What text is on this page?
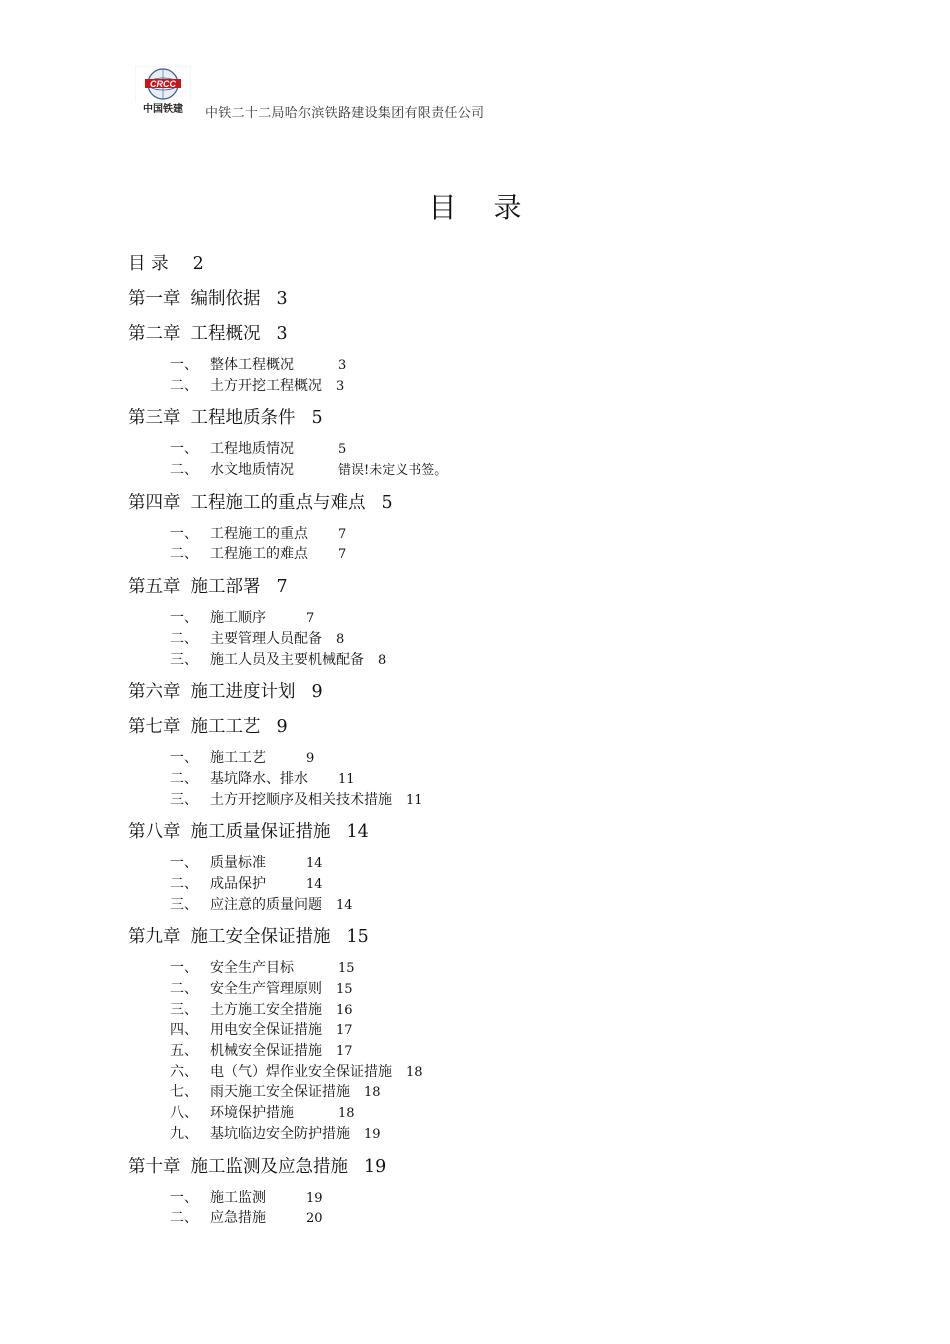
CRCC
中国铁建 中铁二十二局哈尔滨铁路建设集团有限责任公司
目 录
目 录 2
第一章 编制依据 3
第二章 工程概况 3
一、 整体工程概况	3
二、 土方开挖工程概况 3
第三章 工程地质条件 5
一、 工程地质情况	5
二、 水文地质情况	错误!未定义书签。
第四章 工程施工的重点与难点 5
一、 工程施工的重点 7
二、 工程施工的难点 7
第五章 施工部署 7
一、 施工顺序	7
二、 主要管理人员配备 8
三、 施工人员及主要机械配备 8
第六章 施工进度计划 9
第七章 施工工艺 9
一、 施工工艺	9
二、 基坑降水、排水 11
三、 土方开挖顺序及相关技术措施 11
第八章 施工质量保证措施 14
一、 质量标准	14
二、 成品保护	14
三、 应注意的质量问题 14
第九章 施工安全保证措施 15
一、 安全生产目标	15
二、 安全生产管理原则 15
三、 土方施工安全措施 16
四、 用电安全保证措施 17
五、 机械安全保证措施 17
六、 电（气）焊作业安全保证措施 18
七、 雨天施工安全保证措施 18
八、 环境保护措施	18
九、 基坑临边安全防护措施 19
第十章 施工监测及应急措施 19
一、 施工监测	19
二、 应急措施	20
